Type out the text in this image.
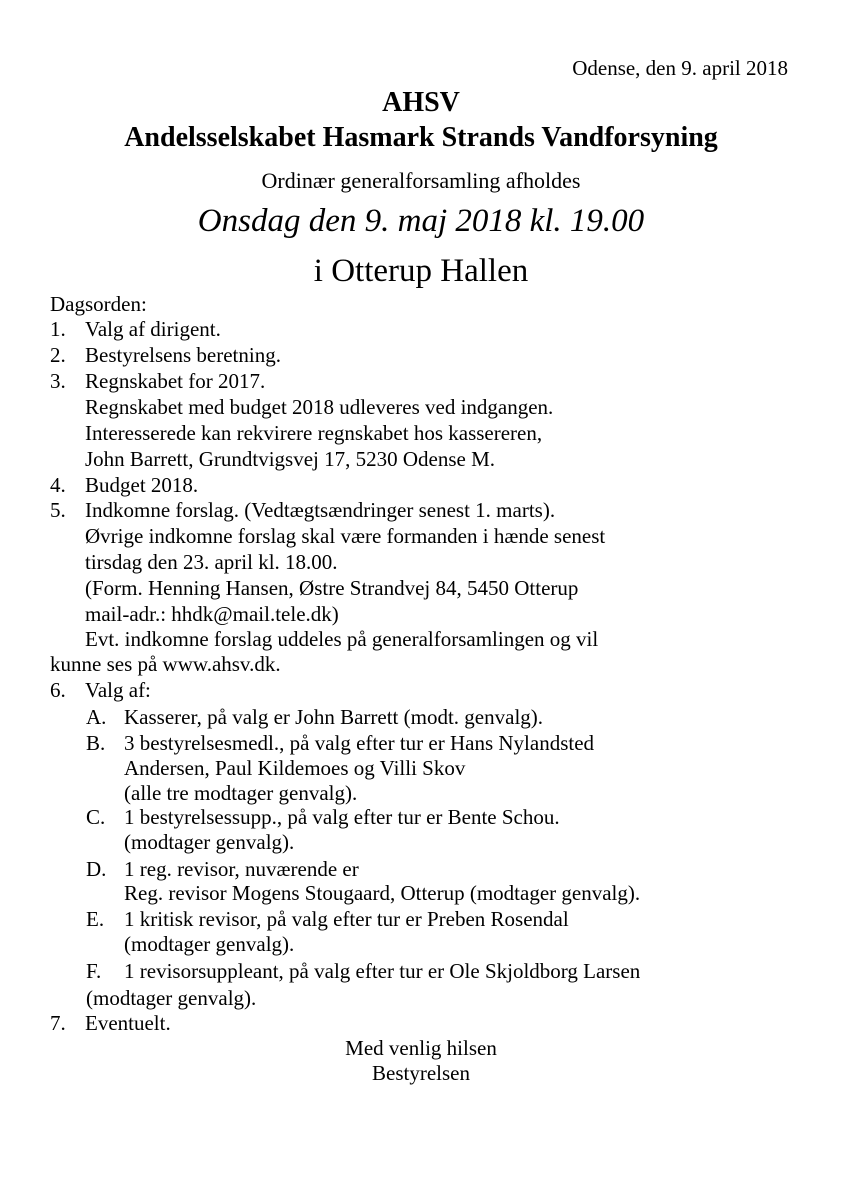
Odense, den 9. april 2018
AHSV
Andelsselskabet Hasmark Strands Vandforsyning
Ordinær generalforsamling afholdes
Onsdag den 9. maj 2018 kl. 19.00
i Otterup Hallen
Dagsorden:
1. Valg af dirigent.
2. Bestyrelsens beretning.
3. Regnskabet for 2017.
Regnskabet med budget 2018 udleveres ved indgangen.
Interesserede kan rekvirere regnskabet hos kassereren,
John Barrett, Grundtvigsvej 17, 5230 Odense M.
4. Budget 2018.
5. Indkomne forslag. (Vedtægtsændringer senest 1. marts).
Øvrige indkomne forslag skal være formanden i hænde senest
tirsdag den 23. april kl. 18.00.
(Form. Henning Hansen, Østre Strandvej 84, 5450 Otterup
mail-adr.: hhdk@mail.tele.dk)
Evt. indkomne forslag uddeles på generalforsamlingen og vil
kunne ses på www.ahsv.dk.
6. Valg af:
A. Kasserer, på valg er John Barrett (modt. genvalg).
B. 3 bestyrelsesmedl., på valg efter tur er Hans Nylandsted
Andersen, Paul Kildemoes og Villi Skov
(alle tre modtager genvalg).
C. 1 bestyrelsessupp., på valg efter tur er Bente Schou.
(modtager genvalg).
D. 1 reg. revisor, nuværende er
Reg. revisor Mogens Stougaard, Otterup (modtager genvalg).
E. 1 kritisk revisor, på valg efter tur er Preben Rosendal
(modtager genvalg).
F. 1 revisorsuppleant, på valg efter tur er Ole Skjoldborg Larsen
(modtager genvalg).
7. Eventuelt.
Med venlig hilsen
Bestyrelsen
